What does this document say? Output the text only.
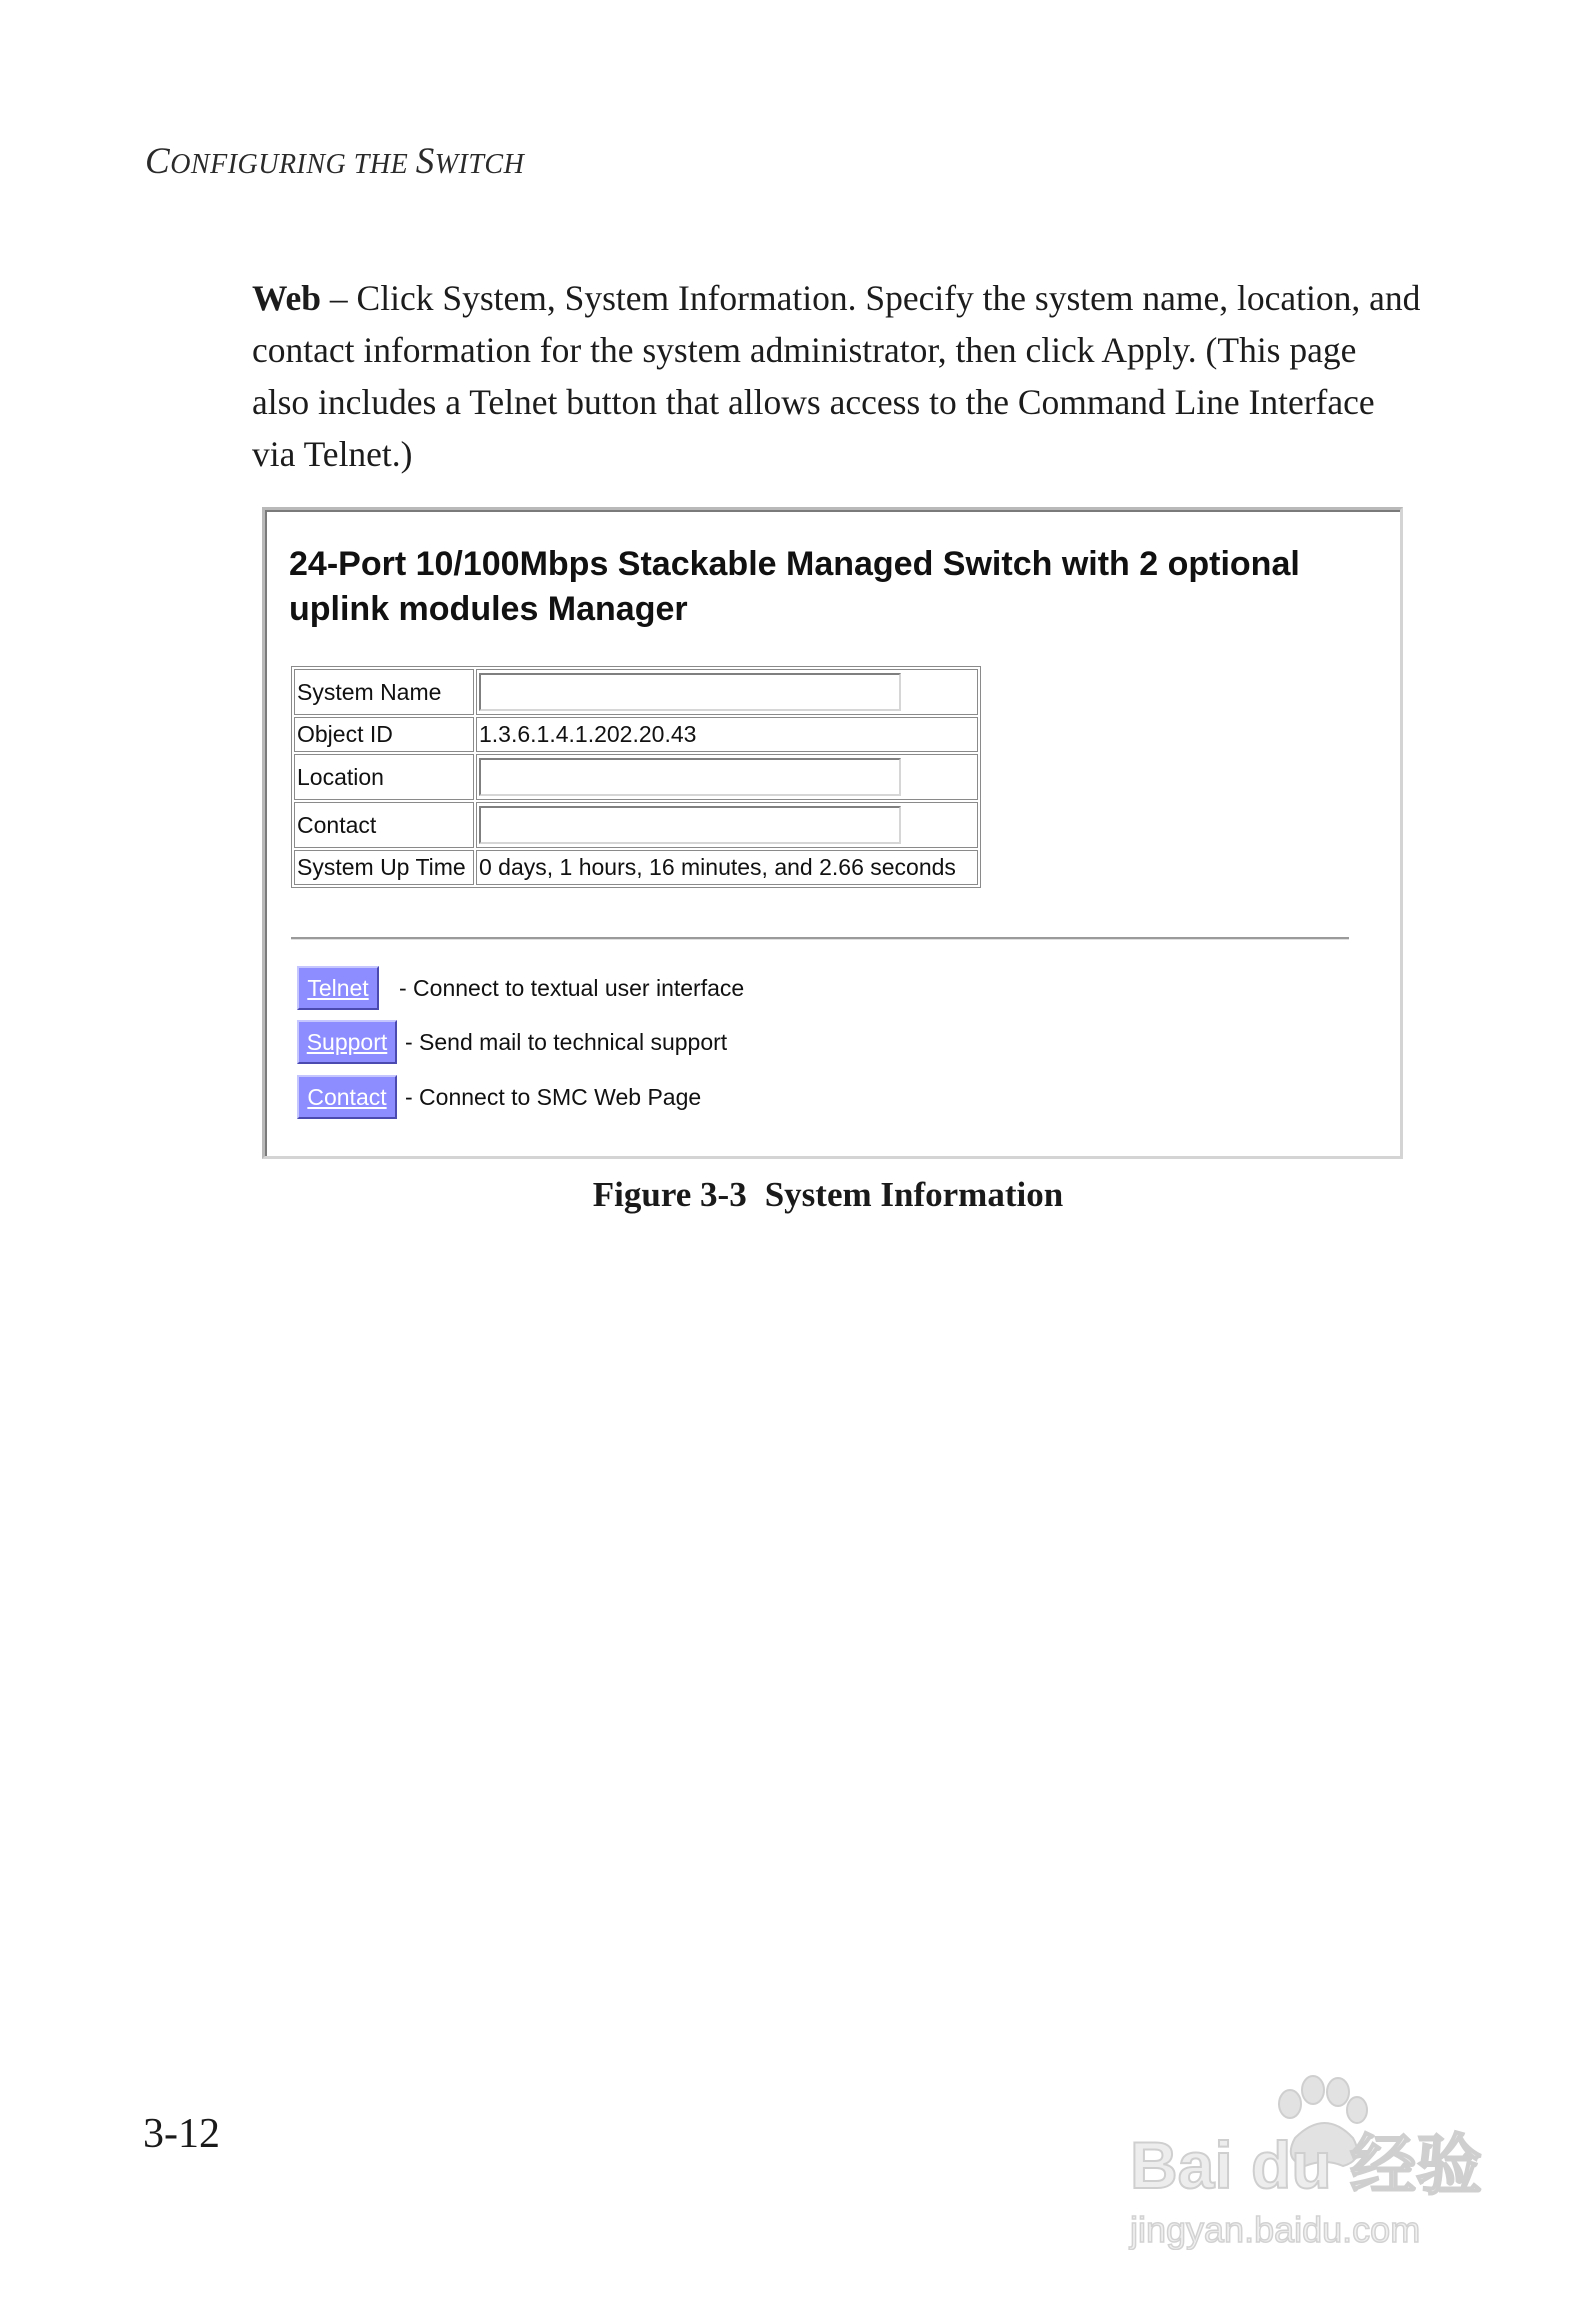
CONFIGURING THE SWITCH

Web – Click System, System Information. Specify the system name, location, and contact information for the system administrator, then click Apply. (This page also includes a Telnet button that allows access to the Command Line Interface via Telnet.)

24-Port 10/100Mbps Stackable Managed Switch with 2 optional uplink modules Manager
System Name	

Object ID	1.3.6.1.4.1.202.20.43
Location	

Contact	

System Up Time	0 days, 1 hours, 16 minutes, and 2.66 seconds
Telnet	- Connect to textual user interface
Support - Send mail to technical support
Contact - Connect to SMC Web Page
Figure 3-3 System Information
3-12	Bai du 经验
jingyan.baidu.com
